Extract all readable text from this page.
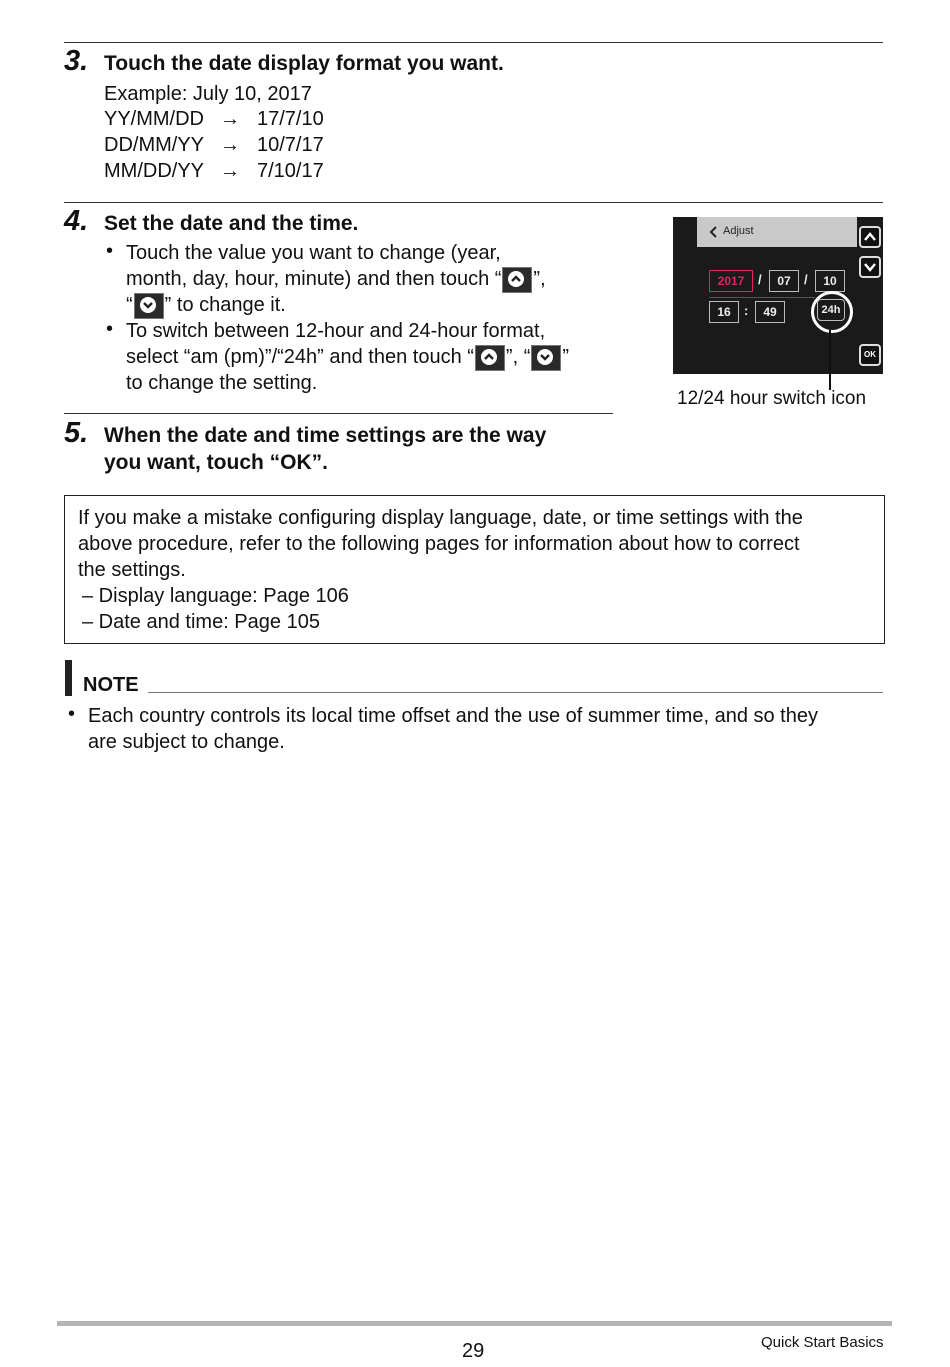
3. Touch the date display format you want.
Example: July 10, 2017
YY/MM/DD → 17/7/10
DD/MM/YY → 10/7/17
MM/DD/YY → 7/10/17
4. Set the date and the time.
• Touch the value you want to change (year,
month, day, hour, minute) and then touch “ ”,
“ ” to change it.
• To switch between 12-hour and 24-hour format,
select “am (pm)”/“24h” and then touch “ ”, “ ”
to change the setting.
Adjust
OK
2017	/	07	/	10
16	:	49	24h
12/24 hour switch icon
5. When the date and time settings are the way
you want, touch “OK”.
If you make a mistake configuring display language, date, or time settings with the
above procedure, refer to the following pages for information about how to correct
the settings.
– Display language: Page 106
– Date and time: Page 105
NOTE
• Each country controls its local time offset and the use of summer time, and so they
are subject to change.
29	Quick Start Basics
